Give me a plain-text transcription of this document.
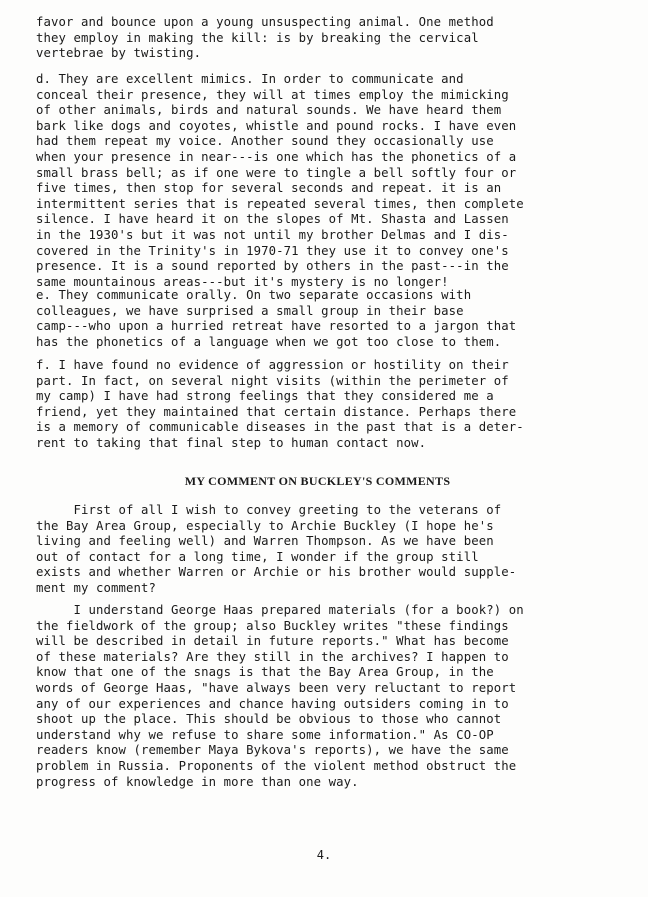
favor and bounce upon a young unsuspecting animal. One method
they employ in making the kill: is by breaking the cervical
vertebrae by twisting.
d. They are excellent mimics. In order to communicate and
conceal their presence, they will at times employ the mimicking
of other animals, birds and natural sounds. We have heard them
bark like dogs and coyotes, whistle and pound rocks. I have even
had them repeat my voice. Another sound they occasionally use
when your presence in near---is one which has the phonetics of a
small brass bell; as if one were to tingle a bell softly four or
five times, then stop for several seconds and repeat. it is an
intermittent series that is repeated several times, then complete
silence. I have heard it on the slopes of Mt. Shasta and Lassen
in the 1930's but it was not until my brother Delmas and I dis-
covered in the Trinity's in 1970-71 they use it to convey one's
presence. It is a sound reported by others in the past---in the
same mountainous areas---but it's mystery is no longer!
e. They communicate orally. On two separate occasions with
colleagues, we have surprised a small group in their base
camp---who upon a hurried retreat have resorted to a jargon that
has the phonetics of a language when we got too close to them.
f. I have found no evidence of aggression or hostility on their
part. In fact, on several night visits (within the perimeter of
my camp) I have had strong feelings that they considered me a
friend, yet they maintained that certain distance. Perhaps there
is a memory of communicable diseases in the past that is a deter-
rent to taking that final step to human contact now.

MY COMMENT ON BUCKLEY'S COMMENTS

First of all I wish to convey greeting to the veterans of
the Bay Area Group, especially to Archie Buckley (I hope he's
living and feeling well) and Warren Thompson. As we have been
out of contact for a long time, I wonder if the group still
exists and whether Warren or Archie or his brother would supple-
ment my comment?
I understand George Haas prepared materials (for a book?) on
the fieldwork of the group; also Buckley writes "these findings
will be described in detail in future reports." What has become
of these materials? Are they still in the archives? I happen to
know that one of the snags is that the Bay Area Group, in the
words of George Haas, "have always been very reluctant to report
any of our experiences and chance having outsiders coming in to
shoot up the place. This should be obvious to those who cannot
understand why we refuse to share some information." As CO-OP
readers know (remember Maya Bykova's reports), we have the same
problem in Russia. Proponents of the violent method obstruct the
progress of knowledge in more than one way.

4.
